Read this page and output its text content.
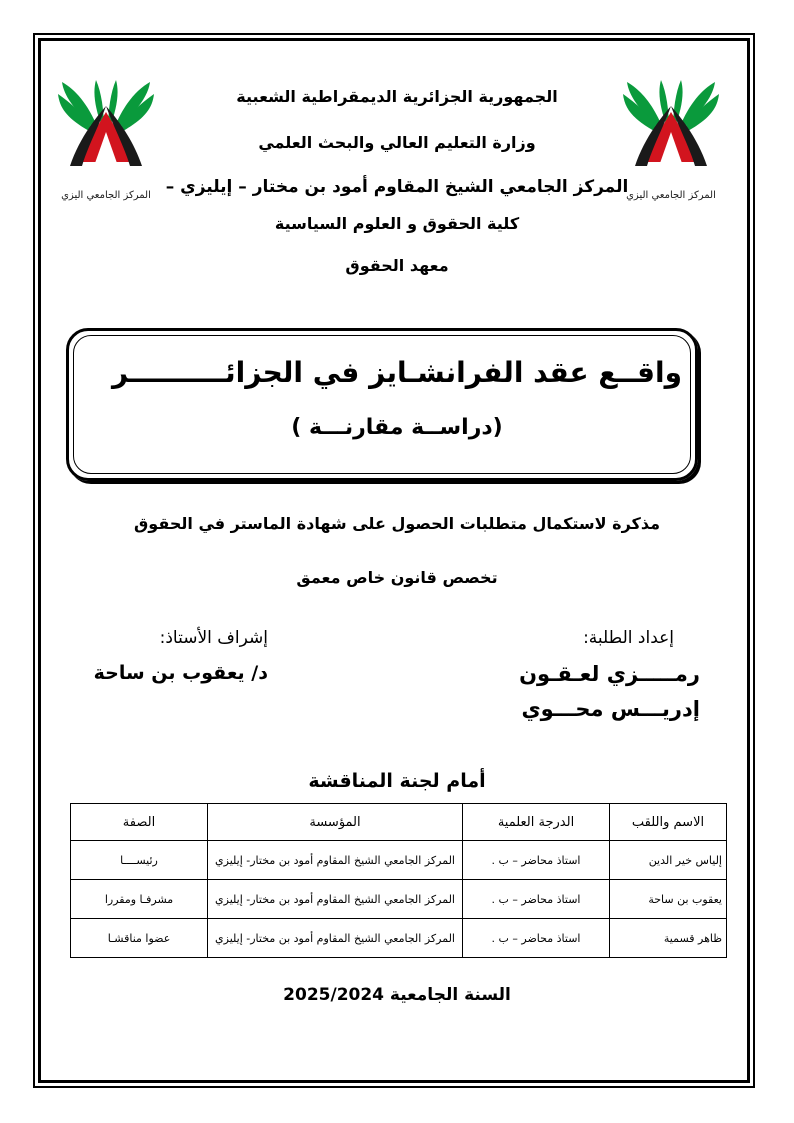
المركز الجامعي اليزي	المركز الجامعي اليزي
الجمهورية الجزائرية الديمقراطية الشعبية
وزارة التعليم العالي والبحث العلمي
المركز الجامعي الشيخ المقاوم أمود بن مختار – إيليزي –
كلية الحقوق و العلوم السياسية
معهد الحقوق
واقــع عقد الفرانشـايز في الجزائــــــــــر
(دراســة مقارنـــة )
مذكرة لاستكمال متطلبات الحصول على شهادة الماستر في الحقوق
تخصص قانون خاص معمق
إعداد الطلبة:
رمـــــزي لعـقـون
إدريـــس محـــوي
إشراف الأستاذ:
د/ يعقوب بن ساحة
أمام لجنة المناقشة
الاسم واللقب	الدرجة العلمية	المؤسسة	الصفة
إلياس خير الدين	استاذ محاضر – ب .	المركز الجامعي الشيخ المقاوم أمود بن مختار- إيليزي	رئيســــا
يعقوب بن ساحة	استاذ محاضر – ب .	المركز الجامعي الشيخ المقاوم أمود بن مختار- إيليزي	مشرفـا ومقررا
ظاهر قسمية	استاذ محاضر – ب .	المركز الجامعي الشيخ المقاوم أمود بن مختار- إيليزي	عضوا مناقشـا
السنة الجامعية 2025/2024
